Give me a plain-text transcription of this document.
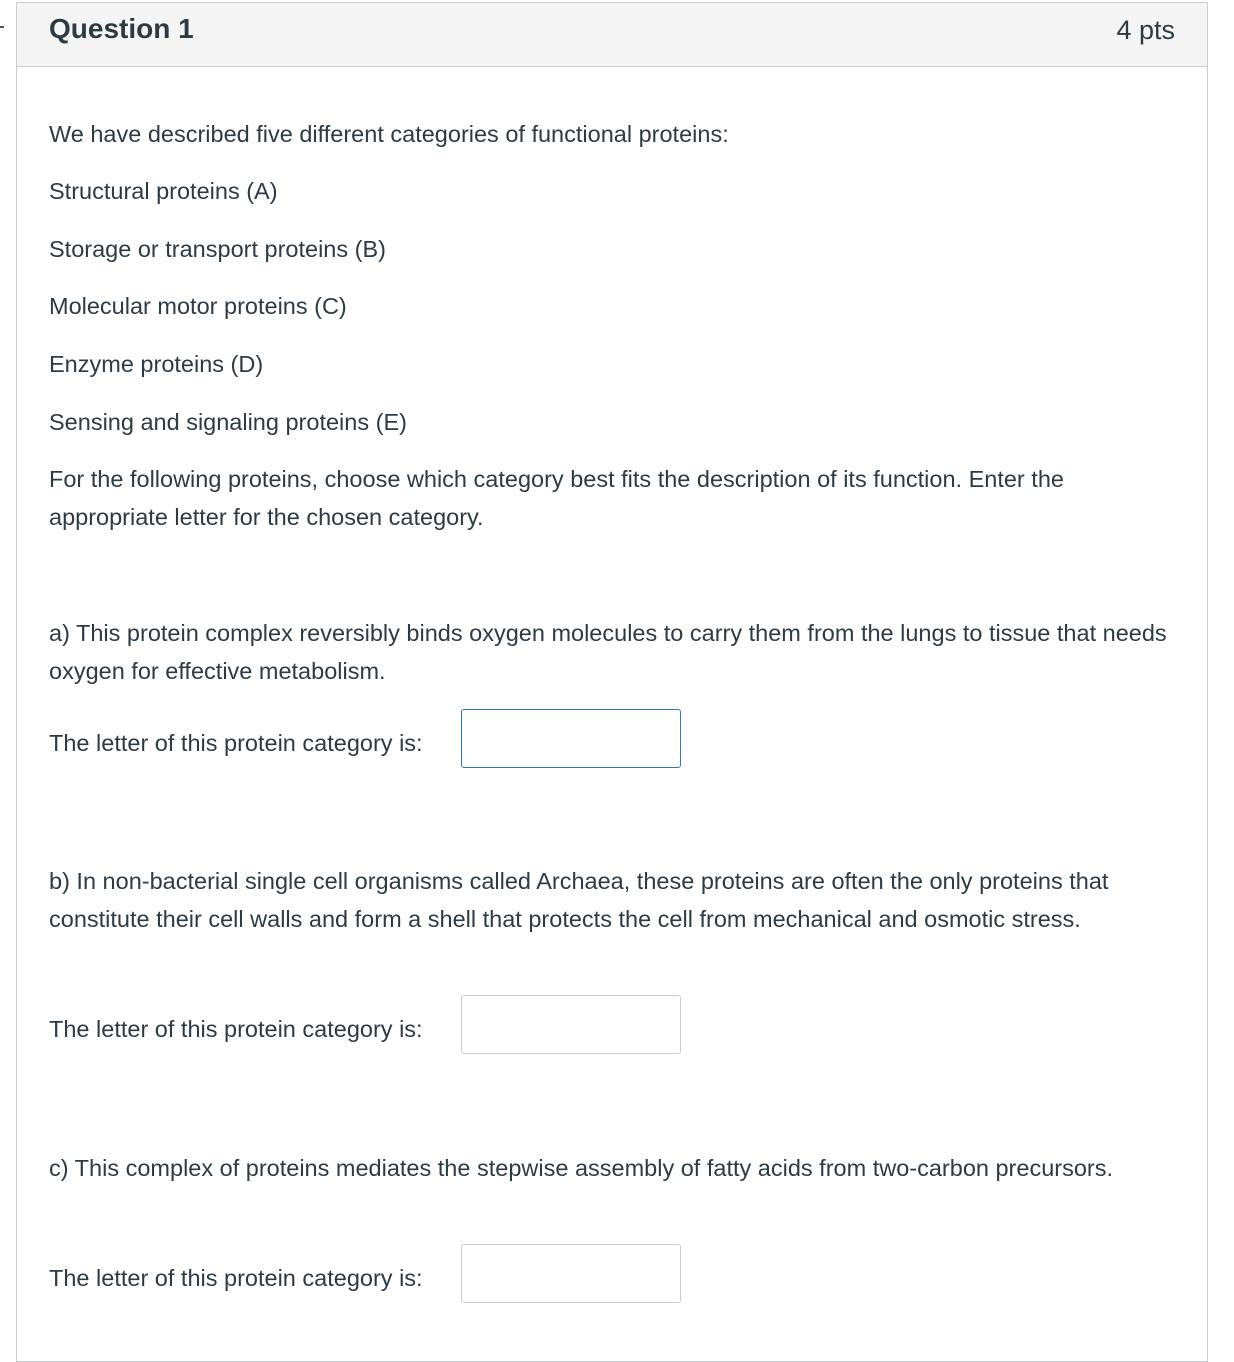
Question 1	4 pts
We have described five different categories of functional proteins:
Structural proteins (A)
Storage or transport proteins (B)
Molecular motor proteins (C)
Enzyme proteins (D)
Sensing and signaling proteins (E)
For the following proteins, choose which category best fits the description of its function. Enter the appropriate letter for the chosen category.
a) This protein complex reversibly binds oxygen molecules to carry them from the lungs to tissue that needs oxygen for effective metabolism.
The letter of this protein category is:
b) In non-bacterial single cell organisms called Archaea, these proteins are often the only proteins that constitute their cell walls and form a shell that protects the cell from mechanical and osmotic stress.
The letter of this protein category is:
c) This complex of proteins mediates the stepwise assembly of fatty acids from two-carbon precursors.
The letter of this protein category is:
